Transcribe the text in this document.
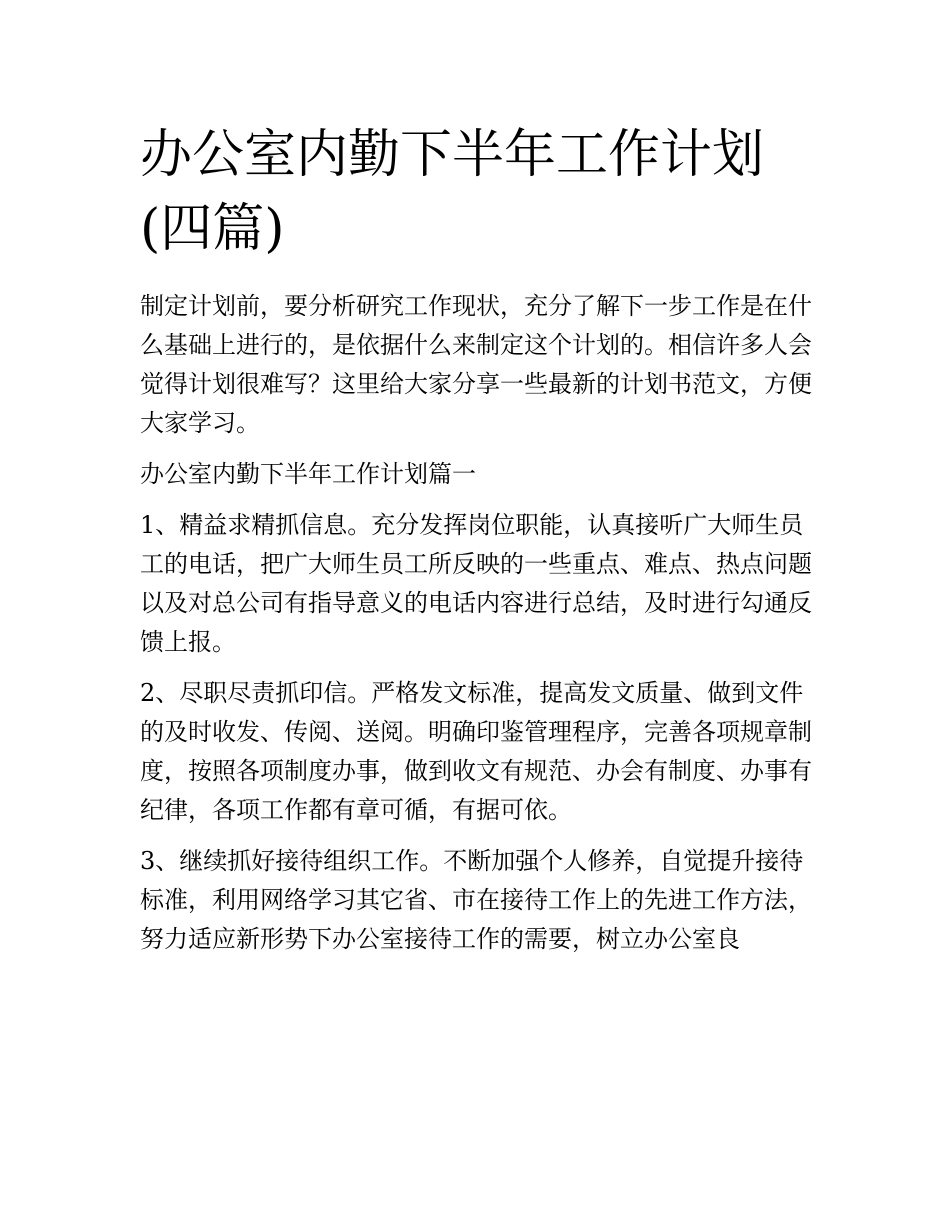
办公室内勤下半年工作计划(四篇)

制定计划前，要分析研究工作现状，充分了解下一步工作是在什么基础上进行的，是依据什么来制定这个计划的。相信许多人会觉得计划很难写？这里给大家分享一些最新的计划书范文，方便大家学习。

办公室内勤下半年工作计划篇一

1、精益求精抓信息。充分发挥岗位职能，认真接听广大师生员工的电话，把广大师生员工所反映的一些重点、难点、热点问题以及对总公司有指导意义的电话内容进行总结，及时进行勾通反馈上报。

2、尽职尽责抓印信。严格发文标准，提高发文质量、做到文件的及时收发、传阅、送阅。明确印鉴管理程序，完善各项规章制度，按照各项制度办事，做到收文有规范、办会有制度、办事有纪律，各项工作都有章可循，有据可依。

3、继续抓好接待组织工作。不断加强个人修养，自觉提升接待标准，利用网络学习其它省、市在接待工作上的先进工作方法，努力适应新形势下办公室接待工作的需要，树立办公室良
